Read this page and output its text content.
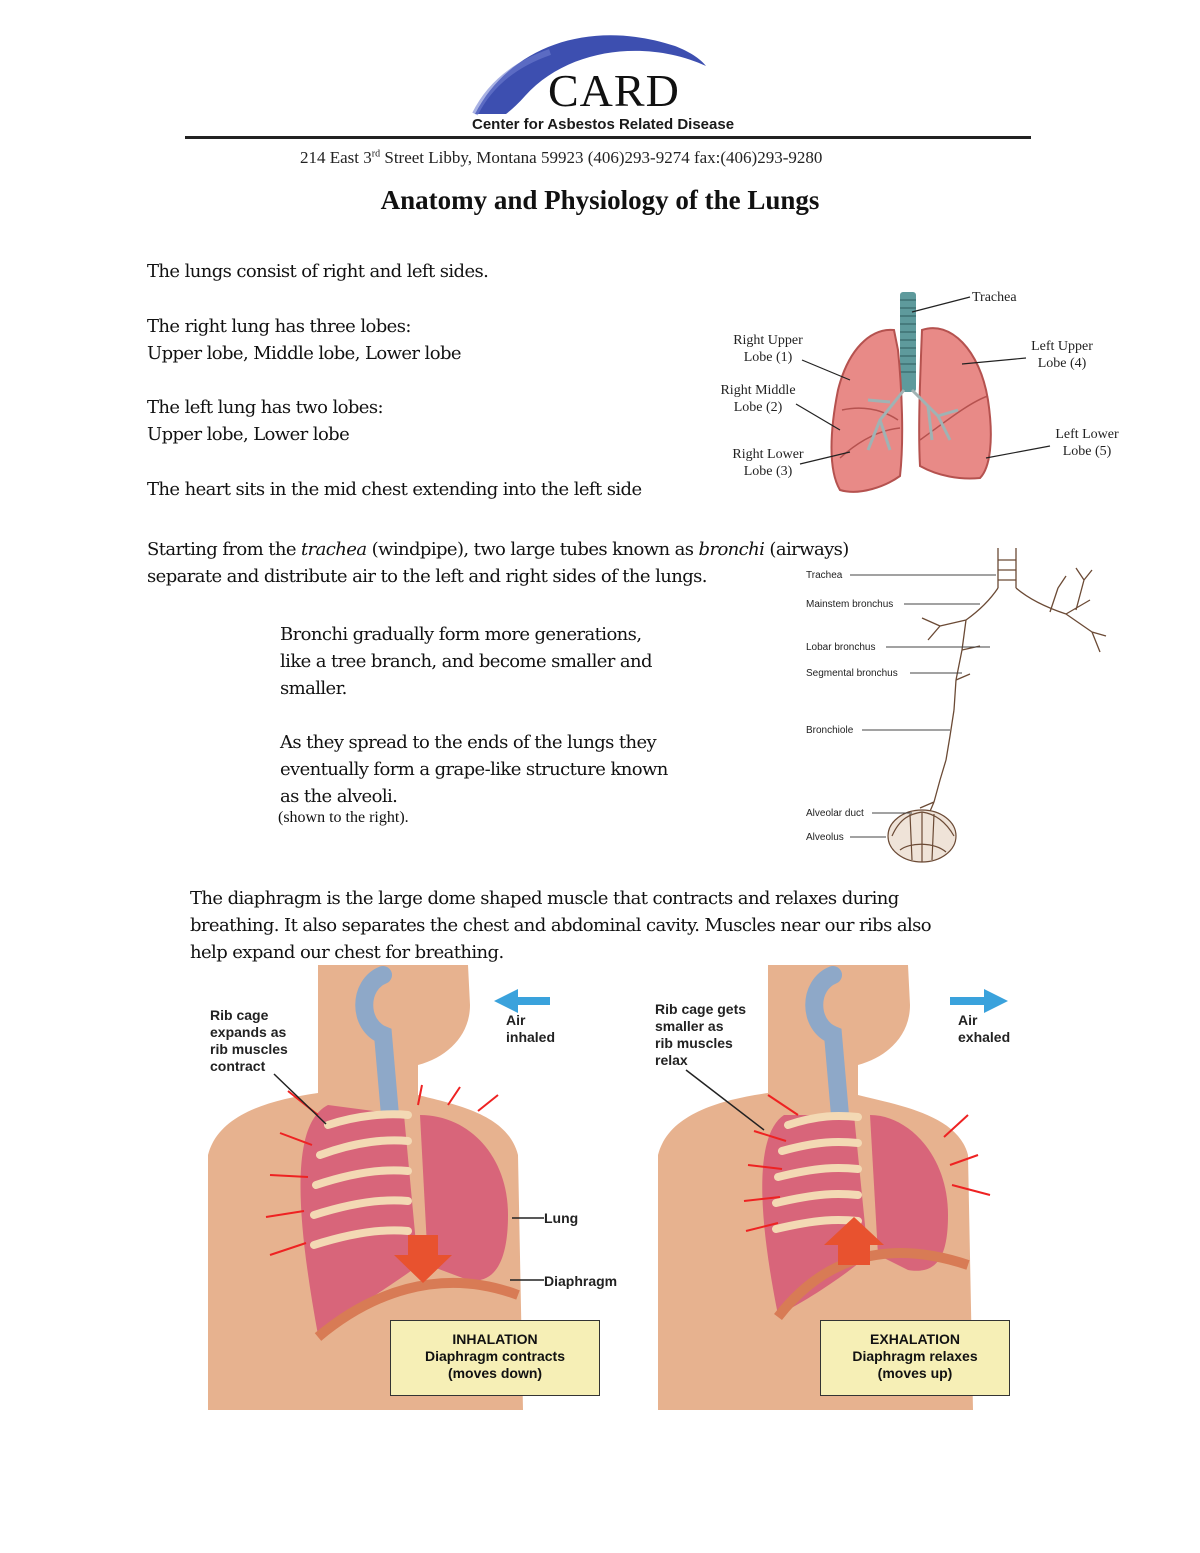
CARD
Center for Asbestos Related Disease
214 East 3rd Street Libby, Montana 59923 (406)293-9274 fax:(406)293-9280
Anatomy and Physiology of the Lungs
The lungs consist of right and left sides.
The right lung has three lobes:
Upper lobe, Middle lobe, Lower lobe
The left lung has two lobes:
Upper lobe, Lower lobe
The heart sits in the mid chest extending into the left side
Trachea
Right Upper
Lobe (1)
Right Middle
Lobe (2)
Right Lower
Lobe (3)
Left Upper
Lobe (4)
Left Lower
Lobe (5)
Starting from the trachea (windpipe), two large tubes known as bronchi (airways)
separate and distribute air to the left and right sides of the lungs.
Bronchi gradually form more generations,
like a tree branch, and become smaller and
smaller.
As they spread to the ends of the lungs they
eventually form a grape-like structure known
as the alveoli.
(shown to the right).
Trachea
Mainstem bronchus
Lobar bronchus
Segmental bronchus
Bronchiole
Alveolar duct
Alveolus
The diaphragm is the large dome shaped muscle that contracts and relaxes during
breathing. It also separates the chest and abdominal cavity. Muscles near our ribs also
help expand our chest for breathing.
Rib cage
expands as
rib muscles
contract
Air
inhaled
Lung
Diaphragm
INHALATION
Diaphragm contracts
(moves down)
Rib cage gets
smaller as
rib muscles
relax
Air
exhaled
EXHALATION
Diaphragm relaxes
(moves up)
